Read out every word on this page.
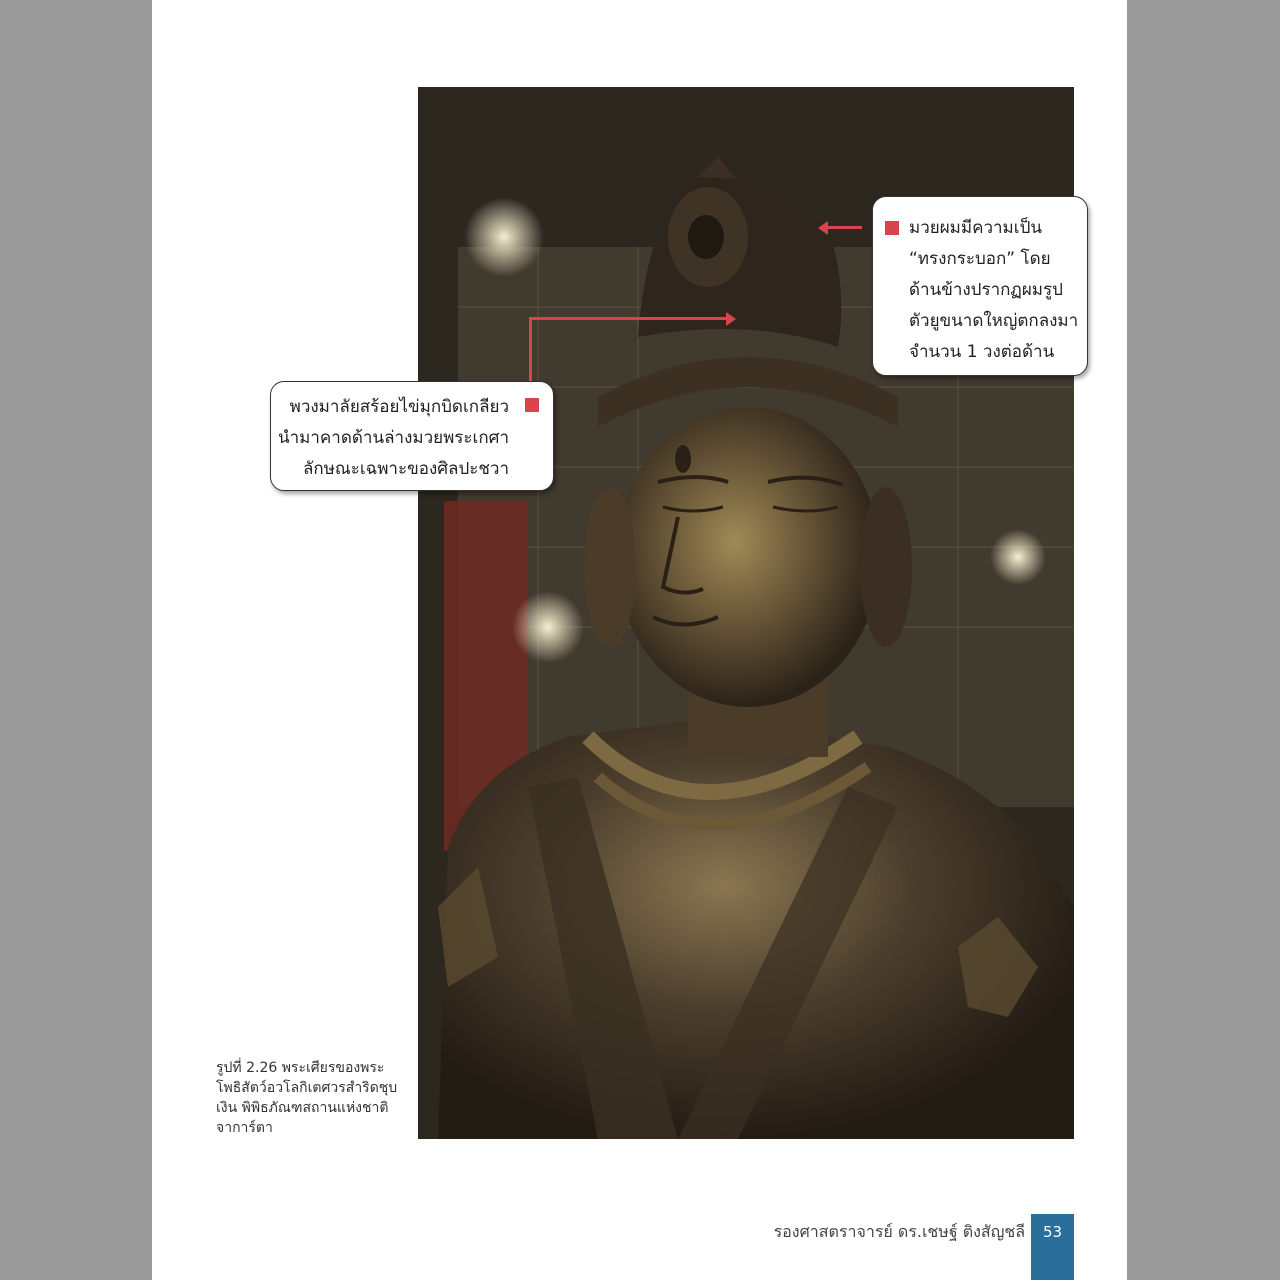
มวยผมมีความเป็น
“ทรงกระบอก” โดย
ด้านข้างปรากฏผมรูป
ตัวยูขนาดใหญ่ตกลงมา
จำนวน 1 วงต่อด้าน
พวงมาลัยสร้อยไข่มุกบิดเกลียว
นำมาคาดด้านล่างมวยพระเกศา
ลักษณะเฉพาะของศิลปะชวา
รูปที่ 2.26 พระเศียรของพระ
โพธิสัตว์อวโลกิเตศวรสำริดชุบ
เงิน พิพิธภัณฑสถานแห่งชาติ
จาการ์ตา
รองศาสตราจารย์ ดร.เชษฐ์ ติงสัญชลี	53
